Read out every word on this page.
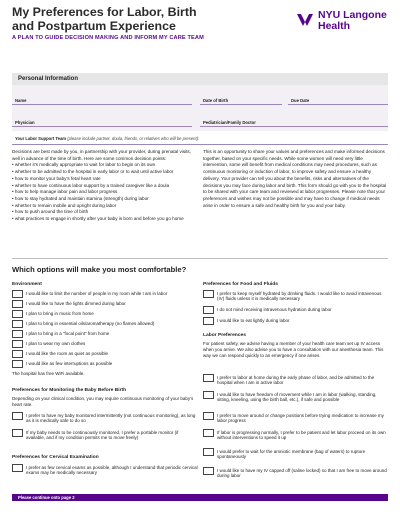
My Preferences for Labor, Birth
and Postpartum Experience
A PLAN TO GUIDE DECISION MAKING AND INFORM MY CARE TEAM
NYU Langone
Health
Personal Information
Name	Date of Birth	Due Date
Physician	Pediatrician/Family Doctor
Your Labor Support Team (please include partner, doula, friends, or relatives who will be present):
Decisions are best made by you, in partnership with your provider, during prenatal visits, well in advance of the time of birth. Here are some common decision points:
• whether it’s medically appropriate to wait for labor to begin on its own
• whether to be admitted to the hospital in early labor or to wait until active labor
• how to monitor your baby’s fetal heart rate
• whether to have continuous labor support by a trained caregiver like a doula
• how to help manage labor pain and labor progress
• how to stay hydrated and maintain stamina (strength) during labor
• whether to remain mobile and upright during labor
• how to push around the time of birth
• what practices to engage in shortly after your baby is born and before you go home
This is an opportunity to share your values and preferences and make informed decisions together, based on your specific needs. While some women will need very little intervention, some will benefit from medical conditions may need procedures, such as continuous monitoring or induction of labor, to improve safety and ensure a healthy delivery. Your provider can tell you about the benefits, risks and alternatives of the decisions you may face during labor and birth. This form should go with you to the hospital to be shared with your care team and reviewed at labor progresses. Please note that your preferences and wishes may not be possible and may have to change if medical needs arise in order to ensure a safe and healthy birth for you and your baby.
Which options will make you most comfortable?
Environment
I would like to limit the number of people in my room while I am in labor
I would like to have the lights dimmed during labor
I plan to bring in music from home
I plan to bring in essential oils/aromatherapy (no flames allowed)
I plan to bring in a “focal point” from home
I plan to wear my own clothes
I would like the room as quiet as possible
I would like as few interruptions as possible
The hospital has free WiFi available.
Preferences for Monitoring the Baby Before Birth
Depending on your clinical condition, you may require continuous monitoring of your baby’s heart rate.
I prefer to have my baby monitored intermittently (not continuous monitoring), as long as it is medically safe to do so
If my baby needs to be continuously monitored, I prefer a portable monitor (if available, and if my condition permits me to move freely)
Preferences for Cervical Examination
I prefer as few cervical exams as possible, although I understand that periodic cervical exams may be medically necessary
Preferences for Food and Fluids
I prefer to keep myself hydrated by drinking fluids. I would like to avoid intravenous (IV) fluids unless it is medically necessary
I do not mind receiving intravenous hydration during labor
I would like to eat lightly during labor
Labor Preferences
For patient safety, we advise having a member of your health care team set up IV access when you arrive. We also advise you to have a consultation with our anesthesia team. This way we can respond quickly to an emergency if one arises.
I prefer to labor at home during the early phase of labor, and be admitted to the hospital when I am in active labor
I would like to have freedom of movement while I am in labor (walking, standing, sitting, kneeling, using the birth ball, etc.), if safe and possible
I prefer to move around or change positions before trying medication to increase my labor progress
If labor is progressing normally, I prefer to be patient and let labor proceed on its own without interventions to speed it up
I would prefer to wait for the amniotic membrane (bag of waters) to rupture spontaneously
I would like to have my IV capped off (saline locked) so that I am free to move around during labor
Please continue onto page 2
